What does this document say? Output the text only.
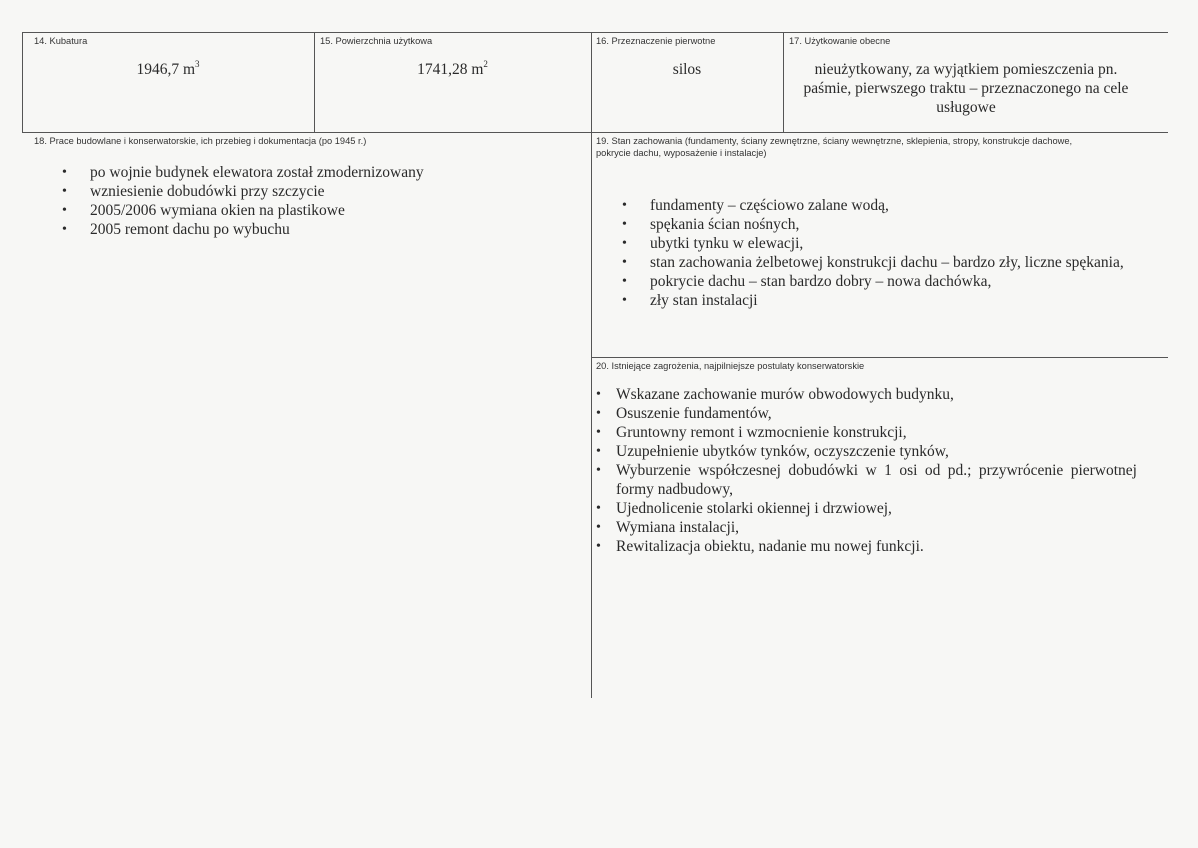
14. Kubatura
1946,7 $m^3$
15. Powierzchnia użytkowa
1741,28 $m^2$
16. Przeznaczenie pierwotne
silos
17. Użytkowanie obecne
nieużytkowany, za wyjątkiem pomieszczenia pn. paśmie, pierwszego traktu – przeznaczonego na cele usługowe
18. Prace budowlane i konserwatorskie, ich przebieg i dokumentacja (po 1945 r.)
• po wojnie budynek elewatora został zmodernizowany
• wzniesienie dobudówki przy szczycie
• 2005/2006 wymiana okien na plastikowe
• 2005 remont dachu po wybuchu
19. Stan zachowania (fundamenty, ściany zewnętrzne, ściany wewnętrzne, sklepienia, stropy, konstrukcje dachowe, pokrycie dachu, wyposażenie i instalacje)
• fundamenty – częściowo zalane wodą,
• spękania ścian nośnych,
• ubytki tynku w elewacji,
• stan zachowania żelbetowej konstrukcji dachu – bardzo zły, liczne spękania,
• pokrycie dachu – stan bardzo dobry – nowa dachówka,
• zły stan instalacji
20. Istniejące zagrożenia, najpilniejsze postulaty konserwatorskie
• Wskazane zachowanie murów obwodowych budynku,
• Osuszenie fundamentów,
• Gruntowny remont i wzmocnienie konstrukcji,
• Uzupełnienie ubytków tynków, oczyszczenie tynków,
• Wyburzenie współczesnej dobudówki w 1 osi od pd.; przywrócenie pierwotnej formy nadbudowy,
• Ujednolicenie stolarki okiennej i drzwiowej,
• Wymiana instalacji,
• Rewitalizacja obiektu, nadanie mu nowej funkcji.
